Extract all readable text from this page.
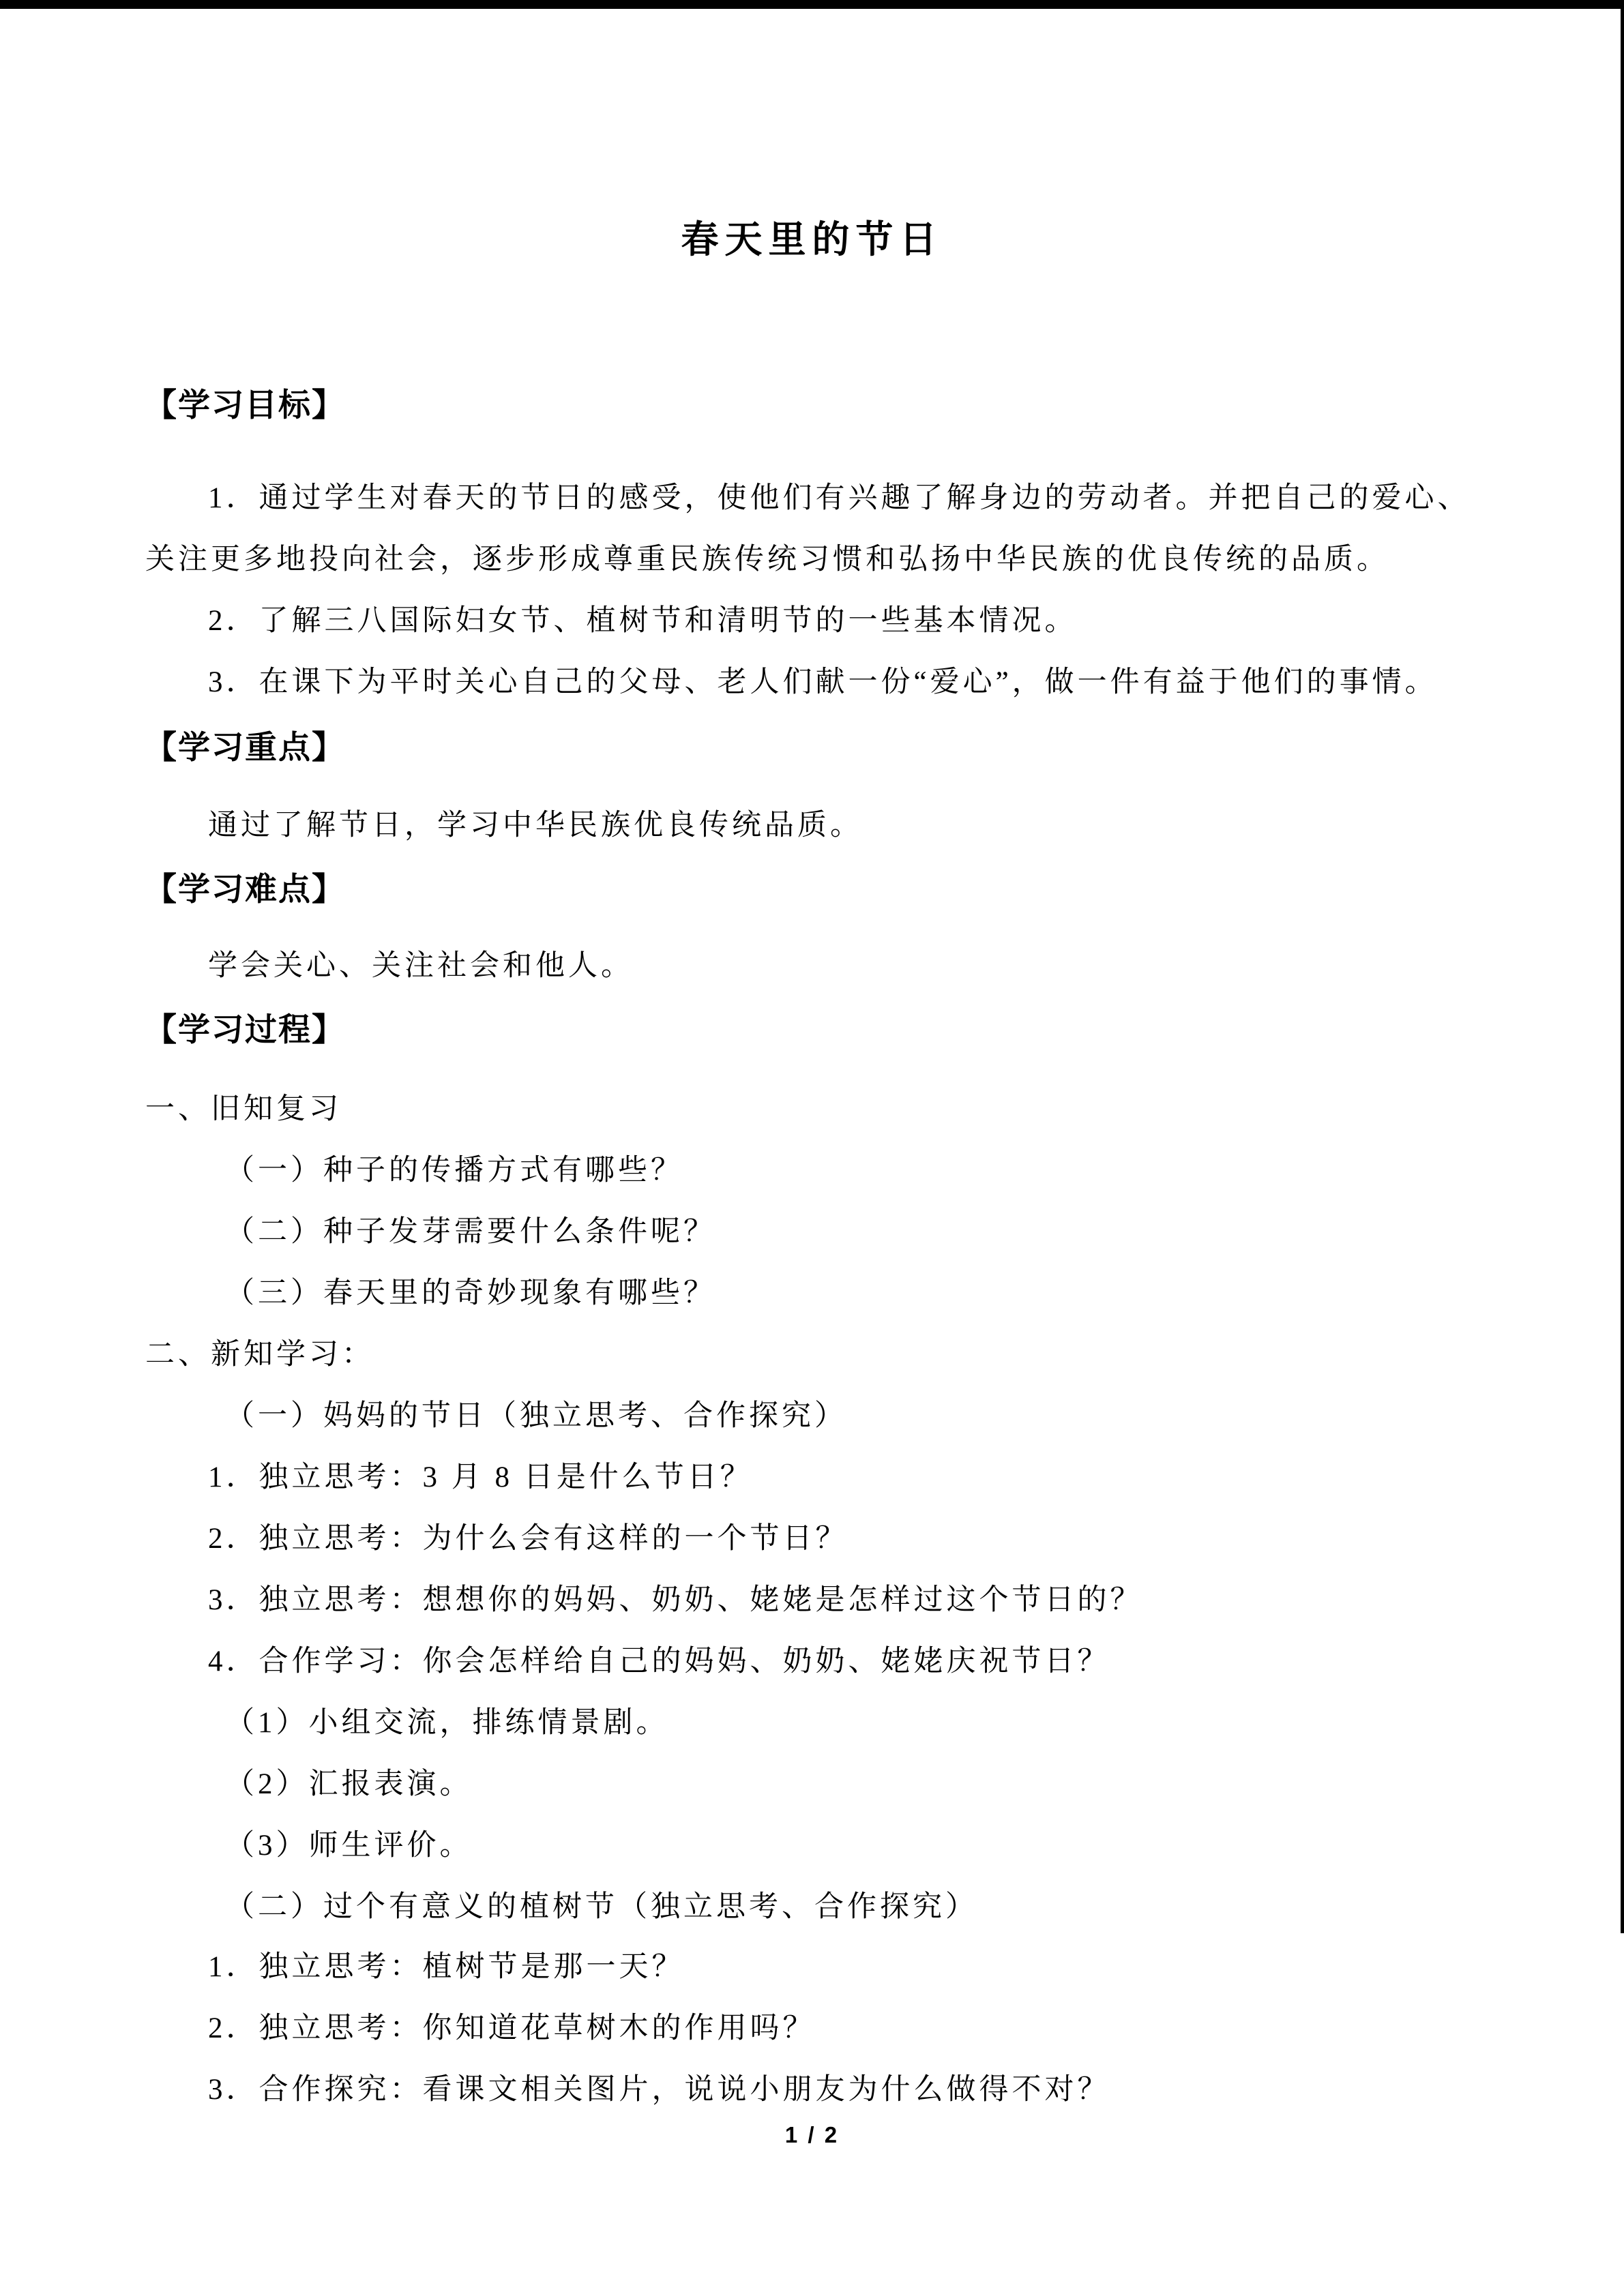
春天里的节日
【学习目标】
1．通过学生对春天的节日的感受，使他们有兴趣了解身边的劳动者。并把自己的爱心、
关注更多地投向社会，逐步形成尊重民族传统习惯和弘扬中华民族的优良传统的品质。
2．了解三八国际妇女节、植树节和清明节的一些基本情况。
3．在课下为平时关心自己的父母、老人们献一份“爱心”，做一件有益于他们的事情。
【学习重点】
通过了解节日，学习中华民族优良传统品质。
【学习难点】
学会关心、关注社会和他人。
【学习过程】
一、旧知复习
（一）种子的传播方式有哪些？
（二）种子发芽需要什么条件呢？
（三）春天里的奇妙现象有哪些？
二、新知学习：
（一）妈妈的节日（独立思考、合作探究）
1．独立思考：3 月 8 日是什么节日？
2．独立思考：为什么会有这样的一个节日？
3．独立思考：想想你的妈妈、奶奶、姥姥是怎样过这个节日的？
4．合作学习：你会怎样给自己的妈妈、奶奶、姥姥庆祝节日？
（1）小组交流，排练情景剧。
（2）汇报表演。
（3）师生评价。
（二）过个有意义的植树节（独立思考、合作探究）
1．独立思考：植树节是那一天？
2．独立思考：你知道花草树木的作用吗？
3．合作探究：看课文相关图片，说说小朋友为什么做得不对？
1 / 2
